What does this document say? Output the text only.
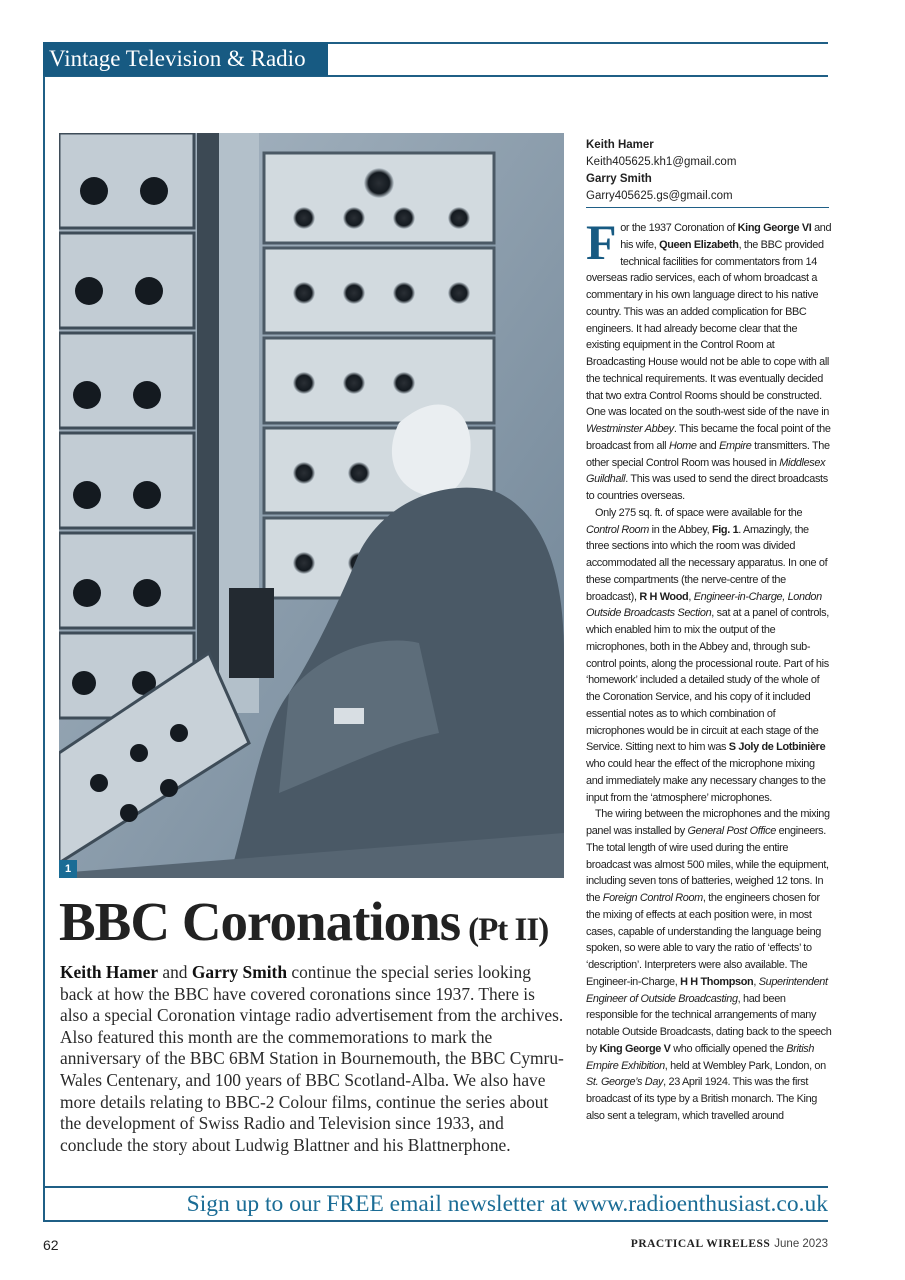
Vintage Television & Radio
1
BBC Coronations (Pt II)
Keith Hamer and Garry Smith continue the special series looking back at how the BBC have covered coronations since 1937. There is also a special Coronation vintage radio advertisement from the archives. Also featured this month are the commemorations to mark the anniversary of the BBC 6BM Station in Bournemouth, the BBC Cymru-Wales Centenary, and 100 years of BBC Scotland-Alba. We also have more details relating to BBC-2 Colour films, continue the series about the development of Swiss Radio and Television since 1933, and conclude the story about Ludwig Blattner and his Blattnerphone.
Keith Hamer
Keith405625.kh1@gmail.com
Garry Smith
Garry405625.gs@gmail.com

For the 1937 Coronation of King George VI and his wife, Queen Elizabeth, the BBC provided technical facilities for commentators from 14 overseas radio services, each of whom broadcast a commentary in his own language direct to his native country. This was an added complication for BBC engineers. It had already become clear that the existing equipment in the Control Room at Broadcasting House would not be able to cope with all the technical requirements. It was eventually decided that two extra Control Rooms should be constructed. One was located on the south-west side of the nave in Westminster Abbey. This became the focal point of the broadcast from all Home and Empire transmitters. The other special Control Room was housed in Middlesex Guildhall. This was used to send the direct broadcasts to countries overseas.

Only 275 sq. ft. of space were available for the Control Room in the Abbey, Fig. 1. Amazingly, the three sections into which the room was divided accommodated all the necessary apparatus. In one of these compartments (the nerve-centre of the broadcast), R H Wood, Engineer-in-Charge, London Outside Broadcasts Section, sat at a panel of controls, which enabled him to mix the output of the microphones, both in the Abbey and, through sub-control points, along the processional route. Part of his ‘homework’ included a detailed study of the whole of the Coronation Service, and his copy of it included essential notes as to which combination of microphones would be in circuit at each stage of the Service. Sitting next to him was S Joly de Lotbinière who could hear the effect of the microphone mixing and immediately make any necessary changes to the input from the ‘atmosphere’ microphones.

The wiring between the microphones and the mixing panel was installed by General Post Office engineers. The total length of wire used during the entire broadcast was almost 500 miles, while the equipment, including seven tons of batteries, weighed 12 tons. In the Foreign Control Room, the engineers chosen for the mixing of effects at each position were, in most cases, capable of understanding the language being spoken, so were able to vary the ratio of ‘effects’ to ‘description’. Interpreters were also available. The Engineer-in-Charge, H H Thompson, Superintendent Engineer of Outside Broadcasting, had been responsible for the technical arrangements of many notable Outside Broadcasts, dating back to the speech by King George V who officially opened the British Empire Exhibition, held at Wembley Park, London, on St. George’s Day, 23 April 1924. This was the first broadcast of its type by a British monarch. The King also sent a telegram, which travelled around

Sign up to our FREE email newsletter at www.radioenthusiast.co.uk
62	PRACTICAL WIRELESS June 2023
